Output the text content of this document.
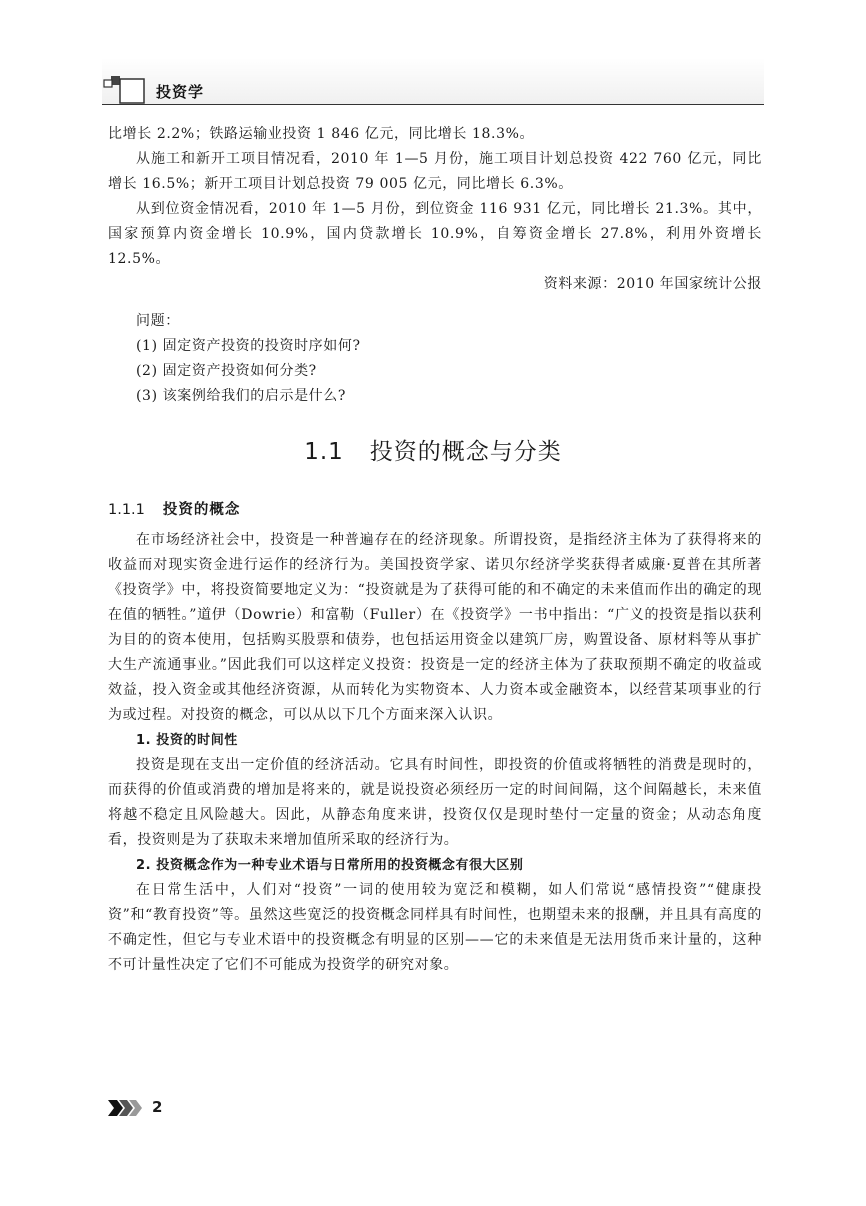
投资学

比增长 2.2%；铁路运输业投资 1 846 亿元，同比增长 18.3%。

从施工和新开工项目情况看，2010 年 1—5 月份，施工项目计划总投资 422 760 亿元，同比增长 16.5%；新开工项目计划总投资 79 005 亿元，同比增长 6.3%。

从到位资金情况看，2010 年 1—5 月份，到位资金 116 931 亿元，同比增长 21.3%。其中，国家预算内资金增长 10.9%，国内贷款增长 10.9%，自筹资金增长 27.8%，利用外资增长 12.5%。

资料来源：2010 年国家统计公报

问题：

(1) 固定资产投资的投资时序如何?

(2) 固定资产投资如何分类?

(3) 该案例给我们的启示是什么?

1.1 投资的概念与分类
1.1.1 投资的概念

在市场经济社会中，投资是一种普遍存在的经济现象。所谓投资，是指经济主体为了获得将来的收益而对现实资金进行运作的经济行为。美国投资学家、诺贝尔经济学奖获得者威廉·夏普在其所著《投资学》中，将投资简要地定义为：“投资就是为了获得可能的和不确定的未来值而作出的确定的现在值的牺牲。”道伊（Dowrie）和富勒（Fuller）在《投资学》一书中指出：“广义的投资是指以获利为目的的资本使用，包括购买股票和债券，也包括运用资金以建筑厂房，购置设备、原材料等从事扩大生产流通事业。”因此我们可以这样定义投资：投资是一定的经济主体为了获取预期不确定的收益或效益，投入资金或其他经济资源，从而转化为实物资本、人力资本或金融资本，以经营某项事业的行为或过程。对投资的概念，可以从以下几个方面来深入认识。

1. 投资的时间性

投资是现在支出一定价值的经济活动。它具有时间性，即投资的价值或将牺牲的消费是现时的，而获得的价值或消费的增加是将来的，就是说投资必须经历一定的时间间隔，这个间隔越长，未来值将越不稳定且风险越大。因此，从静态角度来讲，投资仅仅是现时垫付一定量的资金；从动态角度看，投资则是为了获取未来增加值所采取的经济行为。

2. 投资概念作为一种专业术语与日常所用的投资概念有很大区别

在日常生活中，人们对“投资”一词的使用较为宽泛和模糊，如人们常说“感情投资”“健康投资”和“教育投资”等。虽然这些宽泛的投资概念同样具有时间性，也期望未来的报酬，并且具有高度的不确定性，但它与专业术语中的投资概念有明显的区别——它的未来值是无法用货币来计量的，这种不可计量性决定了它们不可能成为投资学的研究对象。

2
